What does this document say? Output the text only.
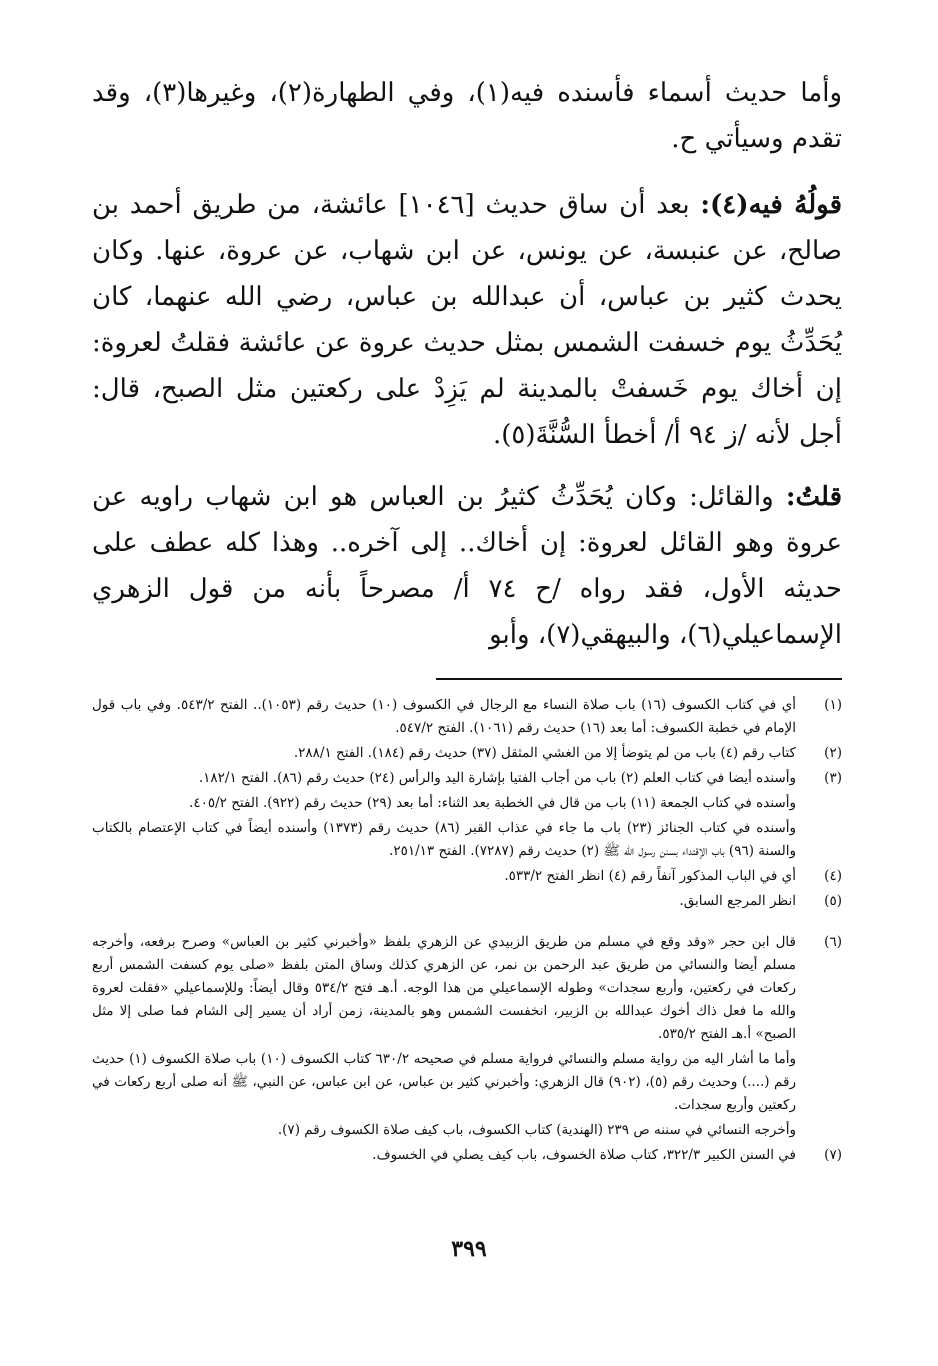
وأما حديث أسماء فأسنده فيه(١)، وفي الطهارة(٢)، وغيرها(٣)، وقد تقدم وسيأتي ح.

قولُهُ فيه(٤): بعد أن ساق حديث [١٠٤٦] عائشة، من طريق أحمد بن صالح، عن عنبسة، عن يونس، عن ابن شهاب، عن عروة، عنها. وكان يحدث كثير بن عباس، أن عبدالله بن عباس، رضي الله عنهما، كان يُحَدِّثُ يوم خسفت الشمس بمثل حديث عروة عن عائشة فقلتُ لعروة: إن أخاك يوم خَسفتْ بالمدينة لم يَزِدْ على ركعتين مثل الصبح، قال: أجل لأنه /ز ٩٤ أ/ أخطأ السُّنَّةَ(٥).

قلتُ: والقائل: وكان يُحَدِّثُ كثيرُ بن العباس هو ابن شهاب راويه عن عروة وهو القائل لعروة: إن أخاك.. إلى آخره.. وهذا كله عطف على حديثه الأول، فقد رواه /ح ٧٤ أ/ مصرحاً بأنه من قول الزهري الإسماعيلي(٦)، والبيهقي(٧)، وأبو

(١)
أي في كتاب الكسوف (١٦) باب صلاة النساء مع الرجال في الكسوف (١٠) حديث رقم (١٠٥٣).. الفتح ٥٤٣/٢. وفي باب قول الإمام في خطبة الكسوف: أما بعد (١٦) حديث رقم (١٠٦١). الفتح ٥٤٧/٢.
(٢)
كتاب رقم (٤) باب من لم يتوضأ إلا من الغشي المثقل (٣٧) حديث رقم (١٨٤). الفتح ٢٨٨/١.
(٣)
وأسنده أيضا في كتاب العلم (٢) باب من أجاب الفتيا بإشارة اليد والرأس (٢٤) حديث رقم (٨٦). الفتح ١٨٢/١.
وأسنده في كتاب الجمعة (١١) باب من قال في الخطبة بعد الثناء: أما بعد (٢٩) حديث رقم (٩٢٢). الفتح ٤٠٥/٢.
وأسنده في كتاب الجنائز (٢٣) باب ما جاء في عذاب القبر (٨٦) حديث رقم (١٣٧٣) وأسنده أيضاً في كتاب الإعتصام بالكتاب والسنة (٩٦) باب الإقتداء بسنن رسول الله ﷺ (٢) حديث رقم (٧٢٨٧). الفتح ٢٥١/١٣.
(٤)
أي في الباب المذكور آنفاً رقم (٤) انظر الفتح ٥٣٣/٢.
(٥)
انظر المرجع السابق.
(٦)
قال ابن حجر «وقد وقع في مسلم من طريق الزبيدي عن الزهري بلفظ «وأخبرني كثير بن العباس» وصرح برفعه، وأخرجه مسلم أيضا والنسائي من طريق عبد الرحمن بن نمر، عن الزهري كذلك وساق المتن بلفظ «صلى يوم كسفت الشمس أربع ركعات في ركعتين، وأربع سجدات» وطوله الإسماعيلي من هذا الوجه. أ.هـ فتح ٥٣٤/٢ وقال أيضاً: وللإسماعيلي «فقلت لعروة والله ما فعل ذاك أخوك عبدالله بن الزبير، انخفست الشمس وهو بالمدينة، زمن أراد أن يسير إلى الشام فما صلى إلا مثل الصبح» أ.هـ الفتح ٥٣٥/٢.
وأما ما أشار اليه من رواية مسلم والنسائي فرواية مسلم في صحيحه ٦٣٠/٢ كتاب الكسوف (١٠) باب صلاة الكسوف (١) حديث رقم (....) وحديث رقم (٥)، (٩٠٢) قال الزهري: وأخبرني كثير بن عباس، عن ابن عباس، عن النبي، ﷺ أنه صلى أربع ركعات في ركعتين وأربع سجدات.
وأخرجه النسائي في سننه ص ٢٣٩ (الهندية) كتاب الكسوف، باب كيف صلاة الكسوف رقم (٧).
(٧)
في السنن الكبير ٣٢٢/٣، كتاب صلاة الخسوف، باب كيف يصلي في الخسوف.
٣٩٩
